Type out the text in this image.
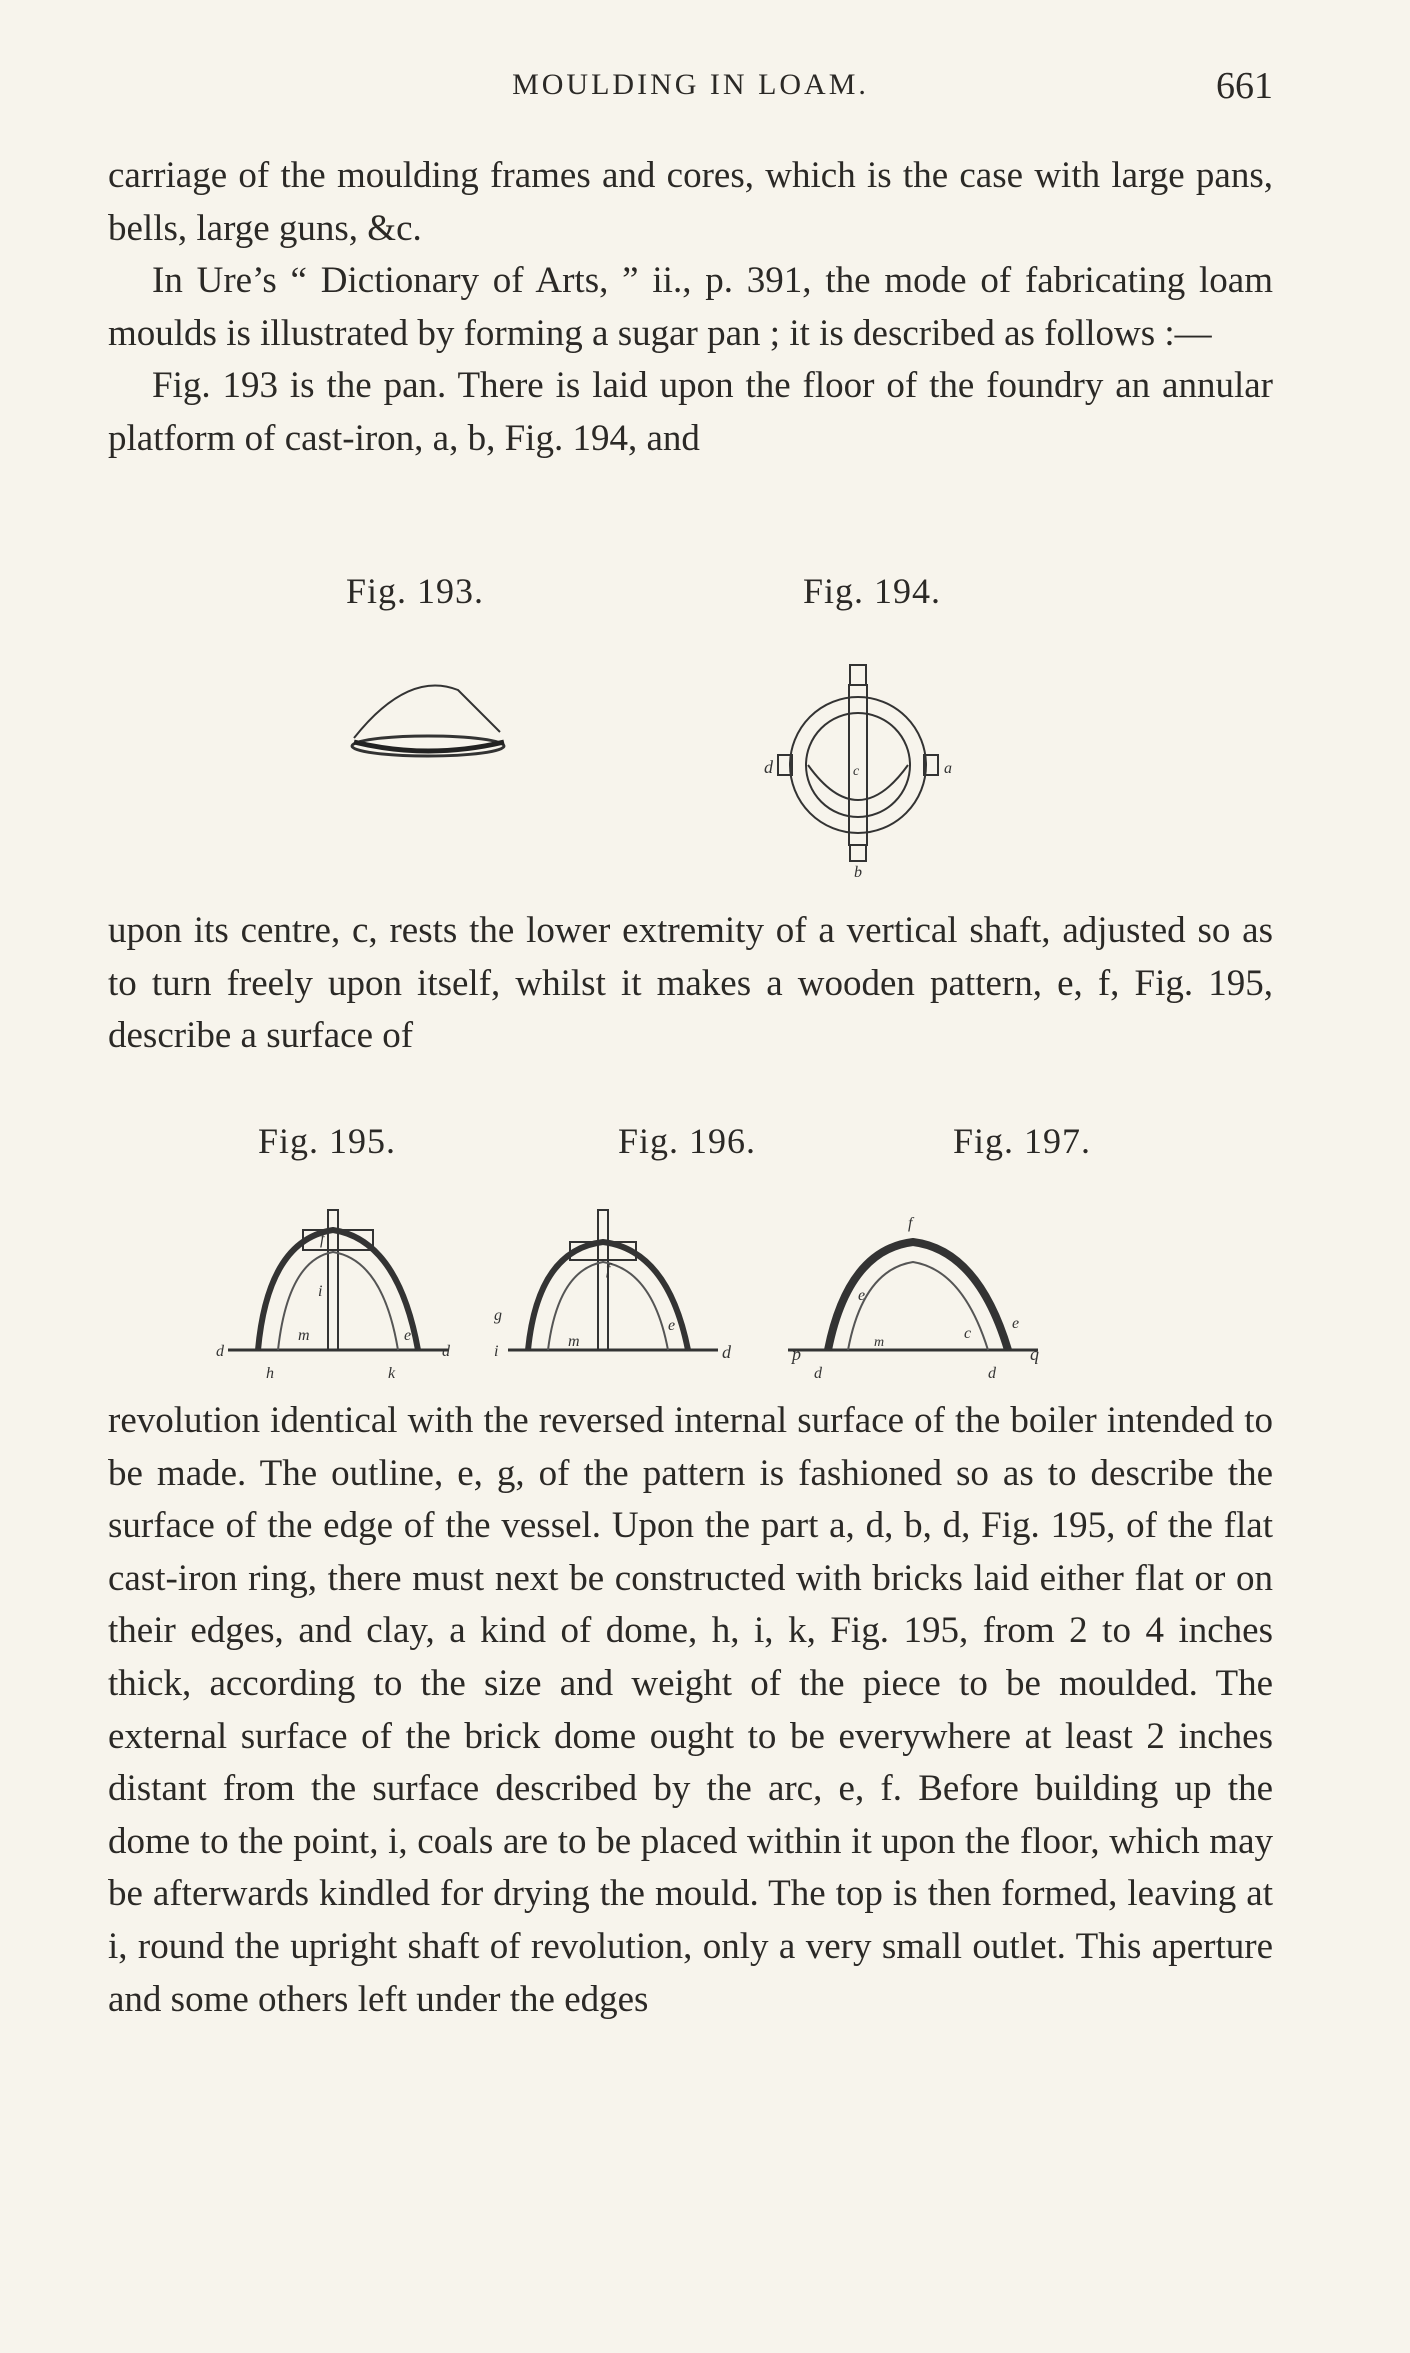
MOULDING IN LOAM.	661

carriage of the moulding frames and cores, which is the case with large pans, bells, large guns, &c.

In Ure’s “ Dictionary of Arts, ” ii., p. 391, the mode of fabricating loam moulds is illustrated by forming a sugar pan ; it is described as follows :—

Fig. 193 is the pan. There is laid upon the floor of the foundry an annular platform of cast-iron, a, b, Fig. 194, and

Fig. 193.	Fig. 194.
d	c	a
b

upon its centre, c, rests the lower extremity of a vertical shaft, adjusted so as to turn freely upon itself, whilst it makes a wooden pattern, e, f, Fig. 195, describe a surface of

Fig. 195.	Fig. 196.	Fig. 197.
f
i
m
d
h	k
e
d
g
i
m
d
e
f
f
e
m
c
e
p	q
d	d

revolution identical with the reversed internal surface of the boiler intended to be made. The outline, e, g, of the pattern is fashioned so as to describe the surface of the edge of the vessel. Upon the part a, d, b, d, Fig. 195, of the flat cast-iron ring, there must next be constructed with bricks laid either flat or on their edges, and clay, a kind of dome, h, i, k, Fig. 195, from 2 to 4 inches thick, according to the size and weight of the piece to be moulded. The external surface of the brick dome ought to be everywhere at least 2 inches distant from the surface described by the arc, e, f. Before building up the dome to the point, i, coals are to be placed within it upon the floor, which may be afterwards kindled for drying the mould. The top is then formed, leaving at i, round the upright shaft of revolution, only a very small outlet. This aperture and some others left under the edges
